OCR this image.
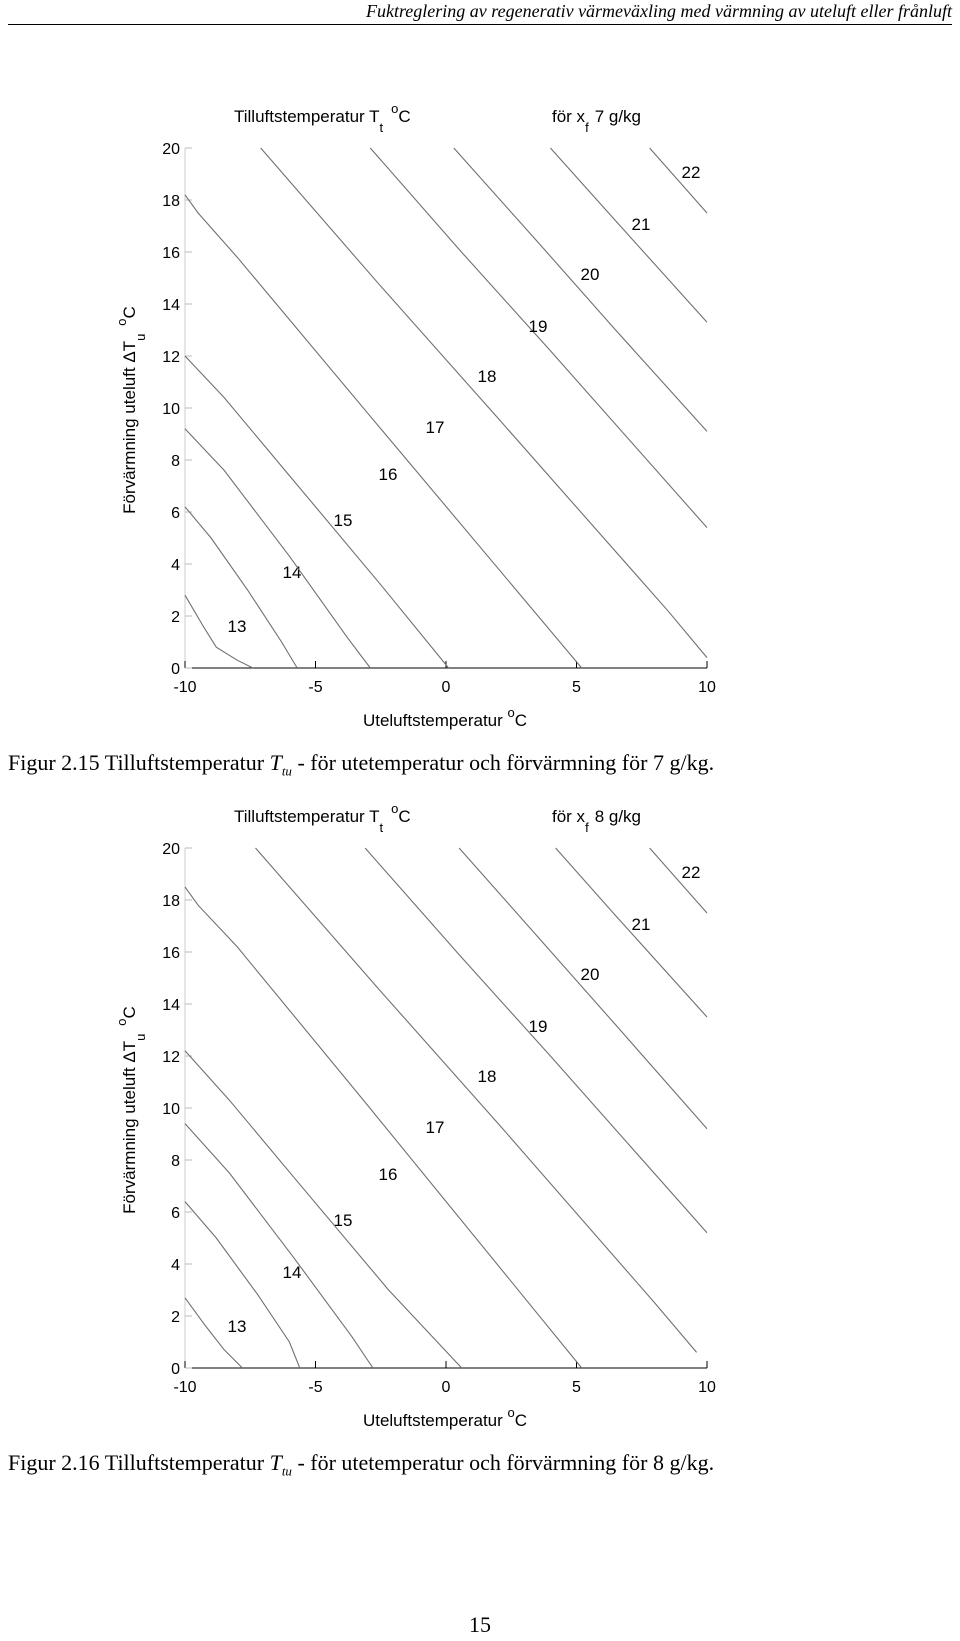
Fuktreglering av regenerativ värmeväxling med värmning av uteluft eller frånluft
-10	-5	0	5	10
0
2
4
6
8
10
12
14
16
18
20
13
14
15
16
17
18
19
20
21
22
Tilluftstemperatur $T_t^oC$	för $x_f7$ g/kg
Uteluftstemperatur $^o$C
Förvärmning uteluft $\Delta T_u^oC$
Figur 2.15 Tilluftstemperatur $T_{tu}$ - för utetemperatur och förvärmning för 7 g/kg.
-10	-5	0	5	10
0
2
4
6
8
10
12
14
16
18
20
13
14
15
16
17
18
19
20
21
22
Tilluftstemperatur $T_t^oC$	för $x_f8$ g/kg
Uteluftstemperatur $^o$C
Förvärmning uteluft $\Delta T_u^oC$
Figur 2.16 Tilluftstemperatur $T_{tu}$ - för utetemperatur och förvärmning för 8 g/kg.
15
